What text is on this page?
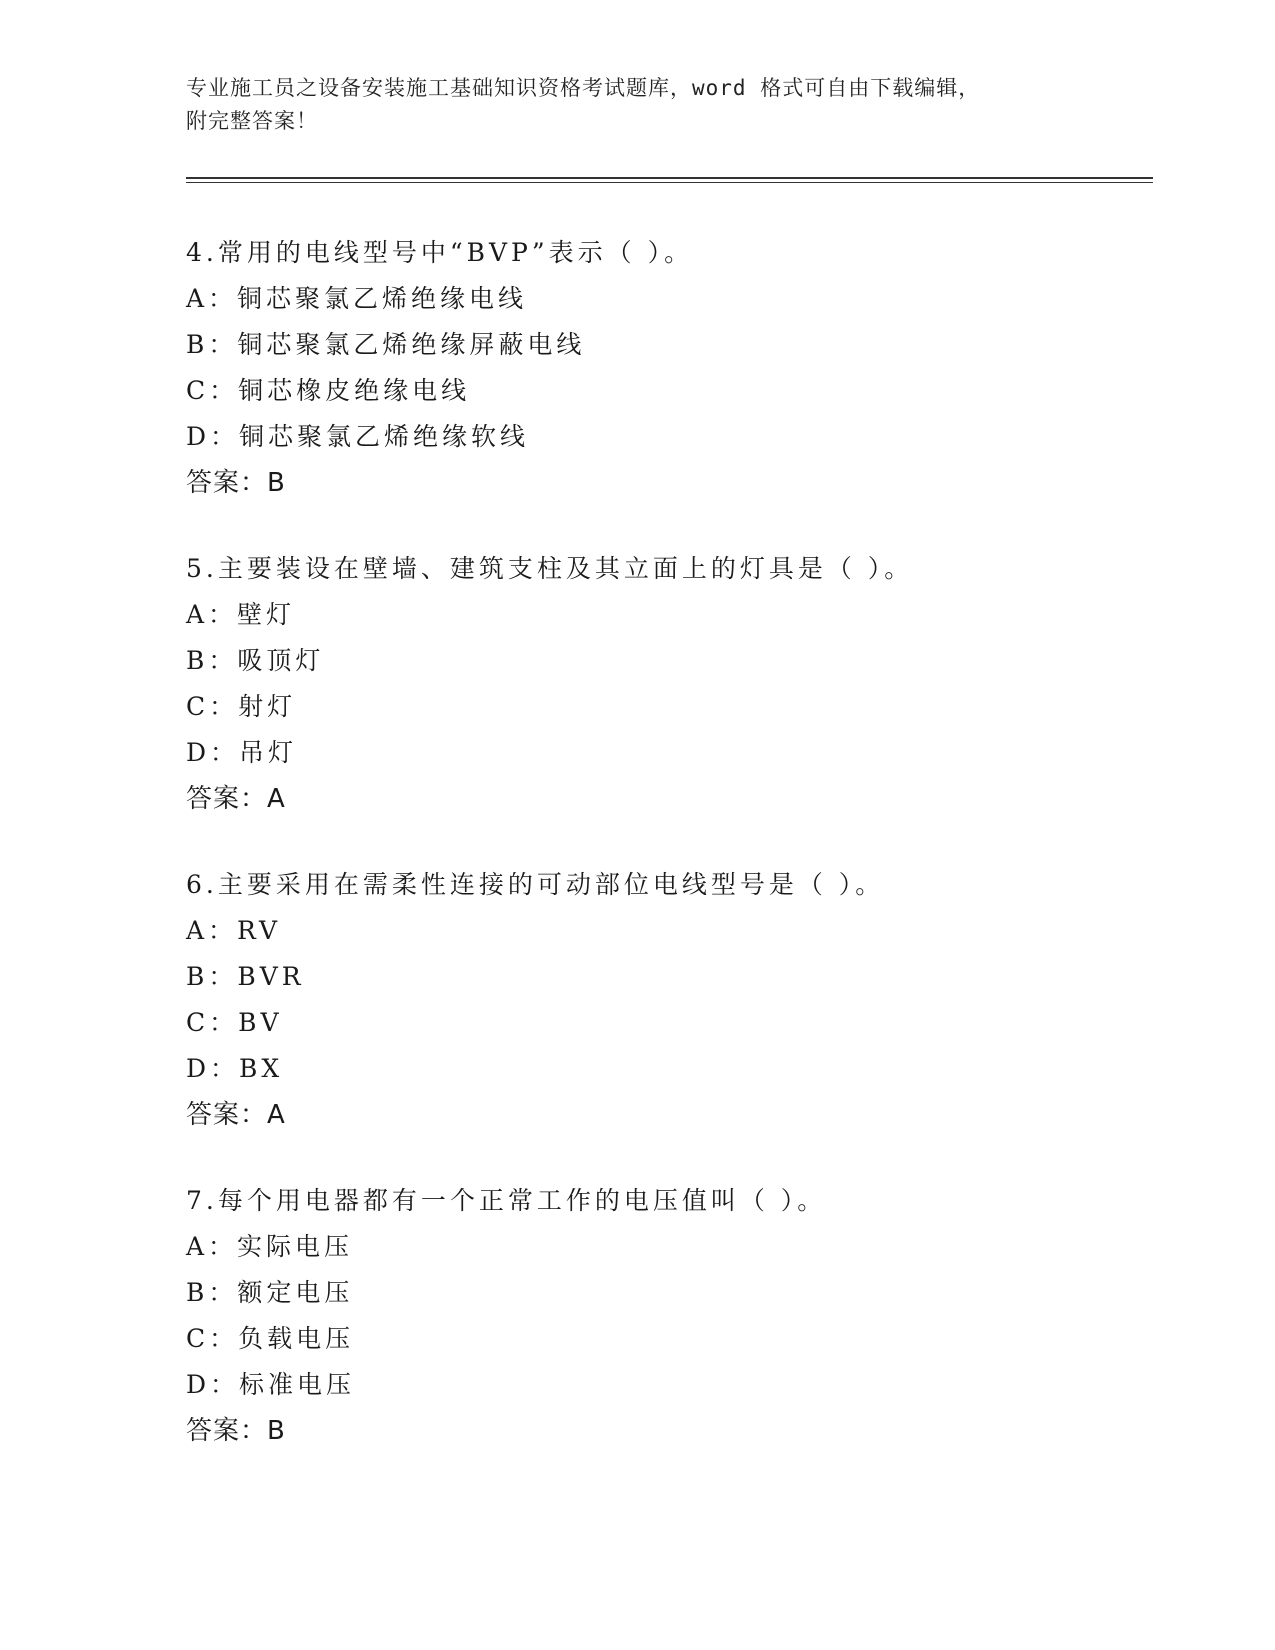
专业施工员之设备安装施工基础知识资格考试题库，word 格式可自由下载编辑，
附完整答案！
4.常用的电线型号中“BVP”表示（ ）。
A：铜芯聚氯乙烯绝缘电线
B：铜芯聚氯乙烯绝缘屏蔽电线
C：铜芯橡皮绝缘电线
D：铜芯聚氯乙烯绝缘软线
答案：B
5.主要装设在壁墙、建筑支柱及其立面上的灯具是（ ）。
A：壁灯
B：吸顶灯
C：射灯
D：吊灯
答案：A
6.主要采用在需柔性连接的可动部位电线型号是（ ）。
A：RV
B：BVR
C：BV
D：BX
答案：A
7.每个用电器都有一个正常工作的电压值叫（ ）。
A：实际电压
B：额定电压
C：负载电压
D：标准电压
答案：B
